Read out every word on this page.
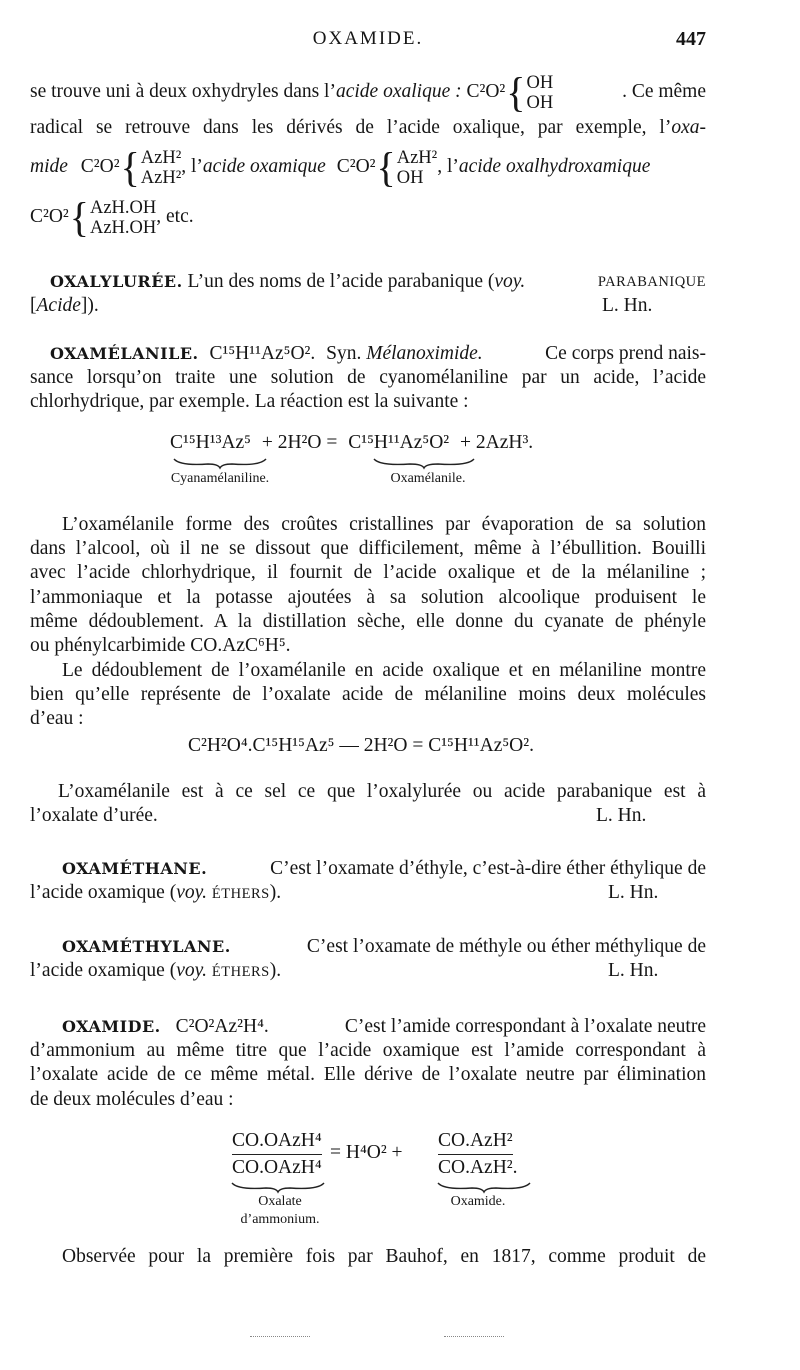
OXAMIDE.	447
se trouve uni à deux oxhydryles dans l’acide oxalique : C²O²{ OH
OH
. Ce même
radical se retrouve dans les dérivés de l’acide oxalique, par exemple, l’oxa-
mide C²O²{ AzH²
AzH²
, l’acide oxamique C²O²{ AzH²
OH
, l’acide oxalhydroxamique
C²O²{ AzH.OH
AzH.OH
, etc.
OXALYLURÉE. L’un des noms de l’acide parabanique (voy.	PARABANIQUE
[Acide]).	L. Hn.
OXAMÉLANILE. C¹⁵H¹¹Az⁵O². Syn. Mélanoximide.	Ce corps prend nais-
sance lorsqu’on traite une solution de cyanomélaniline par un acide, l’acide
chlorhydrique, par exemple. La réaction est la suivante :
C¹⁵H¹³Az⁵ + 2H²O = C¹⁵H¹¹Az⁵O² + 2AzH³.
Cyanamélaniline.	Oxamélanile.
L’oxamélanile forme des croûtes cristallines par évaporation de sa solution
dans l’alcool, où il ne se dissout que difficilement, même à l’ébullition. Bouilli
avec l’acide chlorhydrique, il fournit de l’acide oxalique et de la mélaniline ;
l’ammoniaque et la potasse ajoutées à sa solution alcoolique produisent le
même dédoublement. A la distillation sèche, elle donne du cyanate de phényle
ou phénylcarbimide CO.AzC⁶H⁵.
Le dédoublement de l’oxamélanile en acide oxalique et en mélaniline montre
bien qu’elle représente de l’oxalate acide de mélaniline moins deux molécules
d’eau :
C²H²O⁴.C¹⁵H¹⁵Az⁵ — 2H²O = C¹⁵H¹¹Az⁵O².
L’oxamélanile est à ce sel ce que l’oxalylurée ou acide parabanique est à
l’oxalate d’urée.	L. Hn.
OXAMÉTHANE.	C’est l’oxamate d’éthyle, c’est-à-dire éther éthylique de
l’acide oxamique (voy. ÉTHERS).	L. Hn.
OXAMÉTHYLANE.	C’est l’oxamate de méthyle ou éther méthylique de
l’acide oxamique (voy. ÉTHERS).	L. Hn.
OXAMIDE. C²O²Az²H⁴.	C’est l’amide correspondant à l’oxalate neutre
d’ammonium au même titre que l’acide oxamique est l’amide correspondant à
l’oxalate acide de ce même métal. Elle dérive de l’oxalate neutre par élimination
de deux molécules d’eau :
CO.OAzH⁴
CO.OAzH⁴
= H⁴O² +
CO.AzH²
CO.AzH².
Oxalate
d’ammonium.
Oxamide.
Observée pour la première fois par Bauhof, en 1817, comme produit de
